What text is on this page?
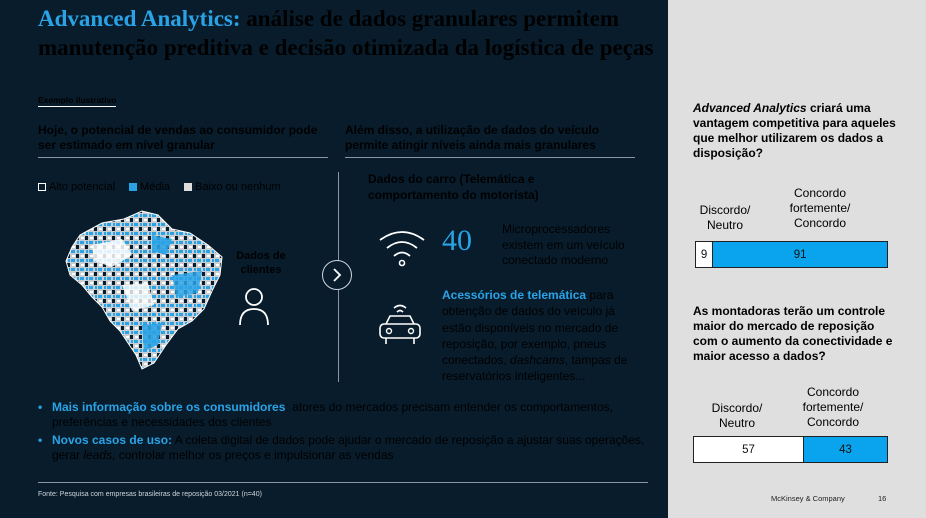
Advanced Analytics: análise de dados granulares permitem manutenção preditiva e decisão otimizada da logística de peças
Exemplo ilustrativo
Hoje, o potencial de vendas ao consumidor pode ser estimado em nível granular
Além disso, a utilização de dados do veículo permite atingir níveis ainda mais granulares
Alto potencial Média Baixo ou nenhum
Dados de clientes
Dados do carro (Telemática e comportamento do motorista)
40	Microprocessadores existem em um veículo conectado moderno
Acessórios de telemática para obtenção de dados do veículo já estão disponíveis no mercado de reposição, por exemplo, pneus conectados, dashcams, tampas de reservatórios inteligentes...
• Mais informação sobre os consumidores: atores do mercados precisam entender os comportamentos, preferências e necessidades dos clientes
• Novos casos de uso: A coleta digital de dados pode ajudar o mercado de reposição a ajustar suas operações, gerar leads, controlar melhor os preços e impulsionar as vendas
Fonte: Pesquisa com empresas brasileiras de reposição 03/2021 (n=40)
Advanced Analytics criará uma vantagem competitiva para aqueles que melhor utilizarem os dados a disposição?
Discordo/ Neutro
Concordo fortemente/ Concordo
9	91
As montadoras terão um controle maior do mercado de reposição com o aumento da conectividade e maior acesso a dados?
Discordo/ Neutro
Concordo fortemente/ Concordo
57	43
McKinsey & Company	16
